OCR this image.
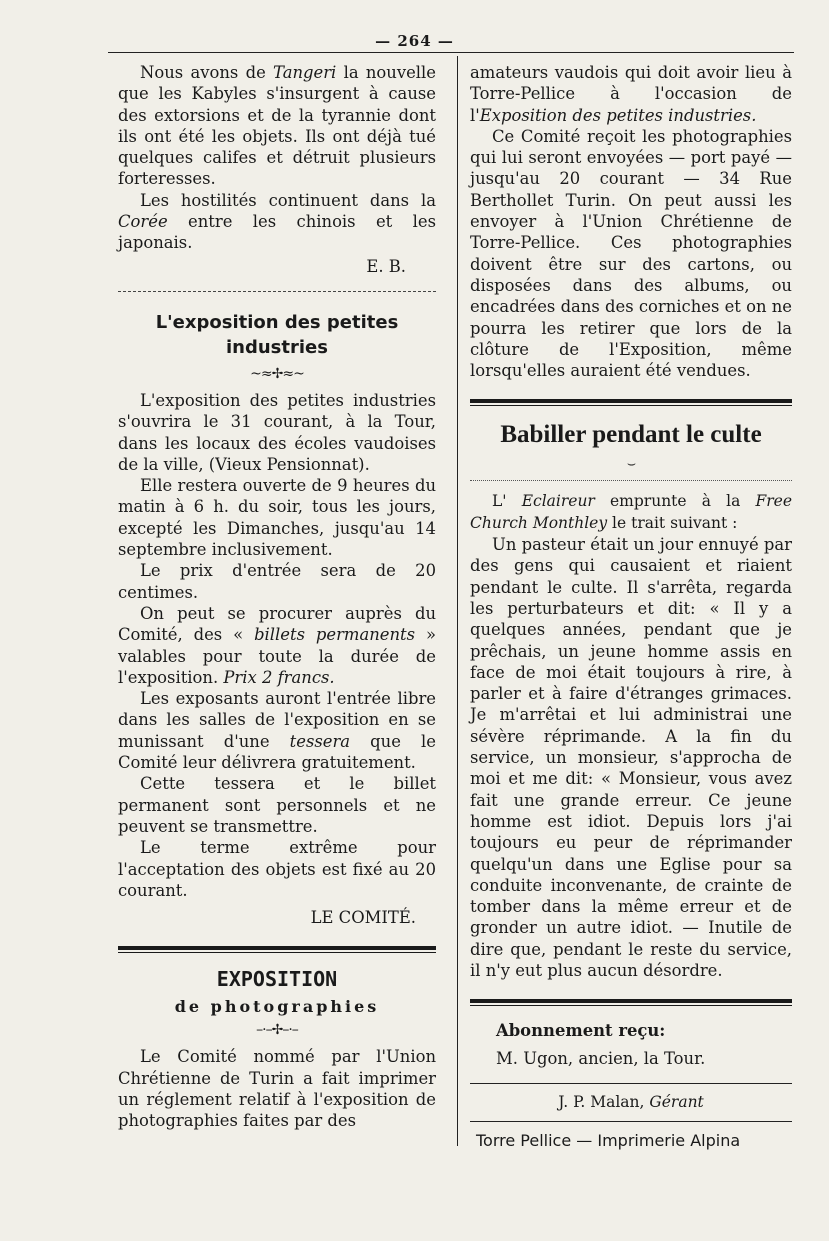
— 264 —

Nous avons de Tangeri la nouvelle que les Kabyles s'insurgent à cause des extorsions et de la tyrannie dont ils ont été les objets. Ils ont déjà tué quelques califes et détruit plusieurs forteresses.

Les hostilités continuent dans la Corée entre les chinois et les japonais.

E. B.

L'exposition des petites industries
~≈✢≈~

L'exposition des petites industries s'ouvrira le 31 courant, à la Tour, dans les locaux des écoles vaudoises de la ville, (Vieux Pensionnat).

Elle restera ouverte de 9 heures du matin à 6 h. du soir, tous les jours, excepté les Dimanches, jusqu'au 14 septembre inclusivement.

Le prix d'entrée sera de 20 centimes.

On peut se procurer auprès du Comité, des « billets permanents » valables pour toute la durée de l'exposition. Prix 2 francs.

Les exposants auront l'entrée libre dans les salles de l'exposition en se munissant d'une tessera que le Comité leur délivrera gratuitement.

Cette tessera et le billet permanent sont personnels et ne peuvent se transmettre.

Le terme extrême pour l'acceptation des objets est fixé au 20 courant.

LE COMITÉ.

EXPOSITION
de photographies
–·–✢–·–

Le Comité nommé par l'Union Chrétienne de Turin a fait imprimer un réglement relatif à l'exposition de photographies faites par des

amateurs vaudois qui doit avoir lieu à Torre-Pellice à l'occasion de l'Exposition des petites industries.

Ce Comité reçoit les photographies qui lui seront envoyées — port payé — jusqu'au 20 courant — 34 Rue Berthollet Turin. On peut aussi les envoyer à l'Union Chrétienne de Torre-Pellice. Ces photographies doivent être sur des cartons, ou disposées dans des albums, ou encadrées dans des corniches et on ne pourra les retirer que lors de la clôture de l'Exposition, même lorsqu'elles auraient été vendues.

Babiller pendant le culte
⌣

L' Eclaireur emprunte à la Free Church Monthley le trait suivant :

Un pasteur était un jour ennuyé par des gens qui causaient et riaient pendant le culte. Il s'arrêta, regarda les perturbateurs et dit: « Il y a quelques années, pendant que je prêchais, un jeune homme assis en face de moi était toujours à rire, à parler et à faire d'étranges grimaces. Je m'arrêtai et lui administrai une sévère réprimande. A la fin du service, un monsieur, s'approcha de moi et me dit: « Monsieur, vous avez fait une grande erreur. Ce jeune homme est idiot. Depuis lors j'ai toujours eu peur de réprimander quelqu'un dans une Eglise pour sa conduite inconvenante, de crainte de tomber dans la même erreur et de gronder un autre idiot. — Inutile de dire que, pendant le reste du service, il n'y eut plus aucun désordre.

Abonnement reçu:

M. Ugon, ancien, la Tour.

J. P. Malan, Gérant

Torre Pellice — Imprimerie Alpina
